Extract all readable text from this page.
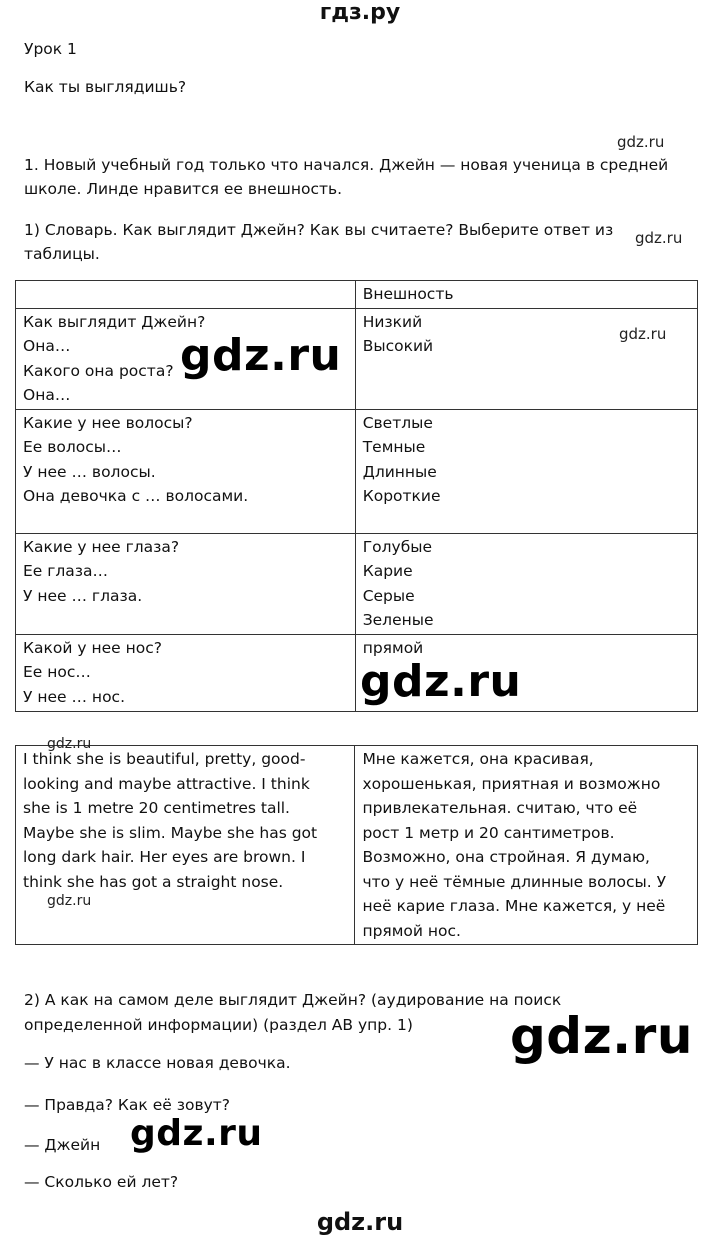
гдз.ру
Урок 1
Как ты выглядишь?
gdz.ru
1. Новый учебный год только что начался. Джейн — новая ученица в средней
школе. Линде нравится ее внешность.
1) Словарь. Как выглядит Джейн? Как вы считаете? Выберите ответ из
таблицы.
gdz.ru
	Внешность

Как выглядит Джейн?
Она…
Какого она роста?
Она…	Низкий
Высокий

Какие у нее волосы?
Ее волосы…
У нее … волосы.
Она девочка с … волосами.	Светлые
Темные
Длинные
Короткие

Какие у нее глаза?
Ее глаза…
У нее … глаза.	Голубые
Карие
Серые
Зеленые

Какой у нее нос?
Ее нос…
У нее … нос.	прямой
gdz.ru	gdz.ru
gdz.ru
I think she is beautiful, pretty, good-
looking and maybe attractive. I think
she is 1 metre 20 centimetres tall.
Maybe she is slim. Maybe she has got
long dark hair. Her eyes are brown. I
think she has got a straight nose.

Мне кажется, она красивая,
хорошенькая, приятная и возможно
привлекательная. считаю, что её
рост 1 метр и 20 сантиметров.
Возможно, она стройная. Я думаю,
что у неё тёмные длинные волосы. У
неё карие глаза. Мне кажется, у неё
прямой нос.
gdz.ru
gdz.ru
2) А как на самом деле выглядит Джейн? (аудирование на поиск
определенной информации) (раздел АВ упр. 1) gdz.ru
— У нас в классе новая девочка.
— Правда? Как её зовут?
— Джейн gdz.ru
— Сколько ей лет?
gdz.ru
